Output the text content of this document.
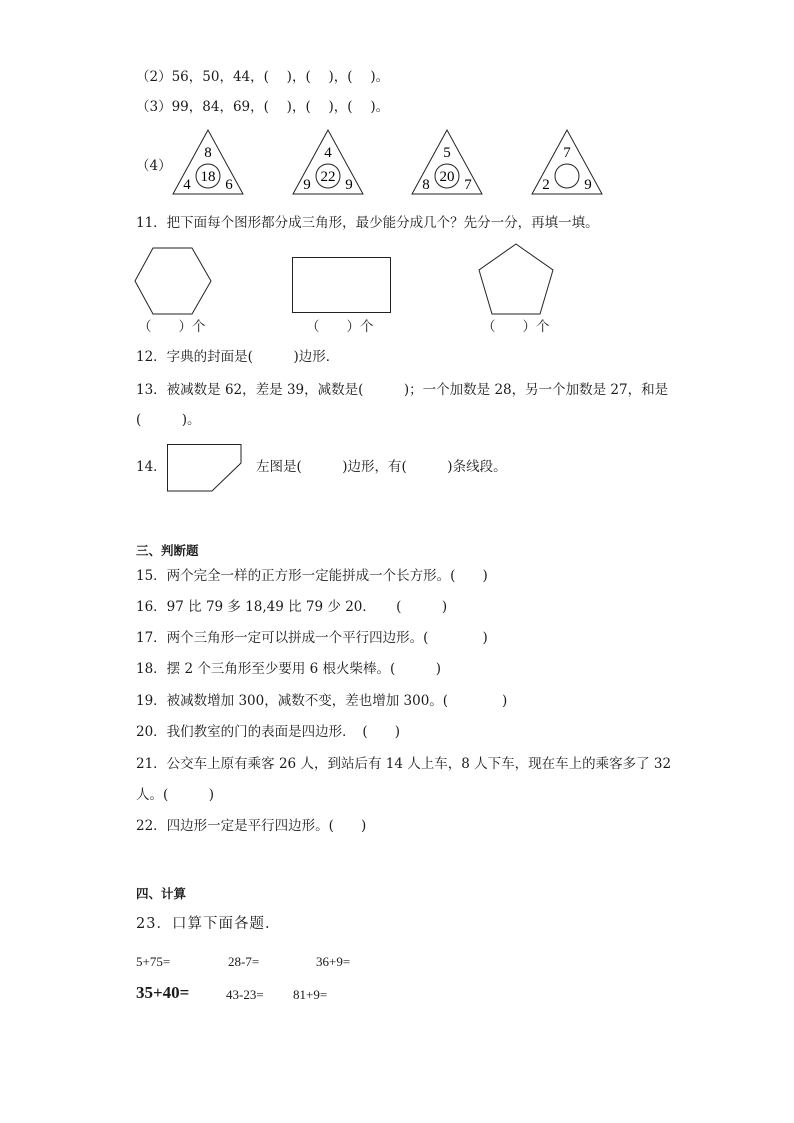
（2）56，50，44，(　 )，(　 )，(　 )。
（3）99，84，69，(　 )，(　 )，(　 )。
（4）
8
4 18 6
4
9 22 9
5
8 20 7
7
2 9
11．把下面每个图形都分成三角形，最少能分成几个？先分一分，再填一填。
（　　）个	（　　）个	（　　）个
12．字典的封面是(　　　)边形．
13．被减数是 62，差是 39，减数是(　　　)；一个加数是 28，另一个加数是 27，和是
(　　　)。
14．	左图是(　　　)边形，有(　　　)条线段。
三、判断题
15．两个完全一样的正方形一定能拼成一个长方形。(　　)
16．97 比 79 多 18,49 比 79 少 20．　　(　　　)
17．两个三角形一定可以拼成一个平行四边形。(　　　　)
18．摆 2 个三角形至少要用 6 根火柴棒。(　　　)
19．被减数增加 300，减数不变，差也增加 300。(　　　　)
20．我们教室的门的表面是四边形．　(　　)
21．公交车上原有乘客 26 人，到站后有 14 人上车，8 人下车，现在车上的乘客多了 32
人。(　　　)
22．四边形一定是平行四边形。(　　)
四、计算
23．口算下面各题．
5+75=	28-7=	36+9=
35+40=	43-23= 81+9=
